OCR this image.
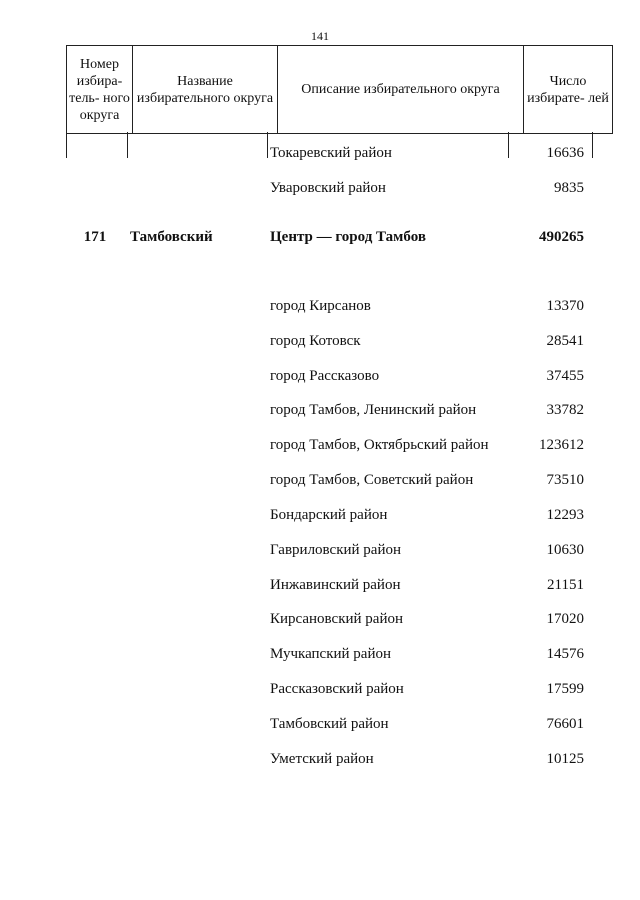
141
Номер избира- тель- ного округа	Название избирательного округа	Описание избирательного округа	Число избирате- лей
Токаревский район	16636
Уваровский район	9835
171	Тамбовский	Центр — город Тамбов	490265
город Кирсанов	13370
город Котовск	28541
город Рассказово	37455
город Тамбов, Ленинский район	33782
город Тамбов, Октябрьский район	123612
город Тамбов, Советский район	73510
Бондарский район	12293
Гавриловский район	10630
Инжавинский район	21151
Кирсановский район	17020
Мучкапский район	14576
Рассказовский район	17599
Тамбовский район	76601
Уметский район	10125
